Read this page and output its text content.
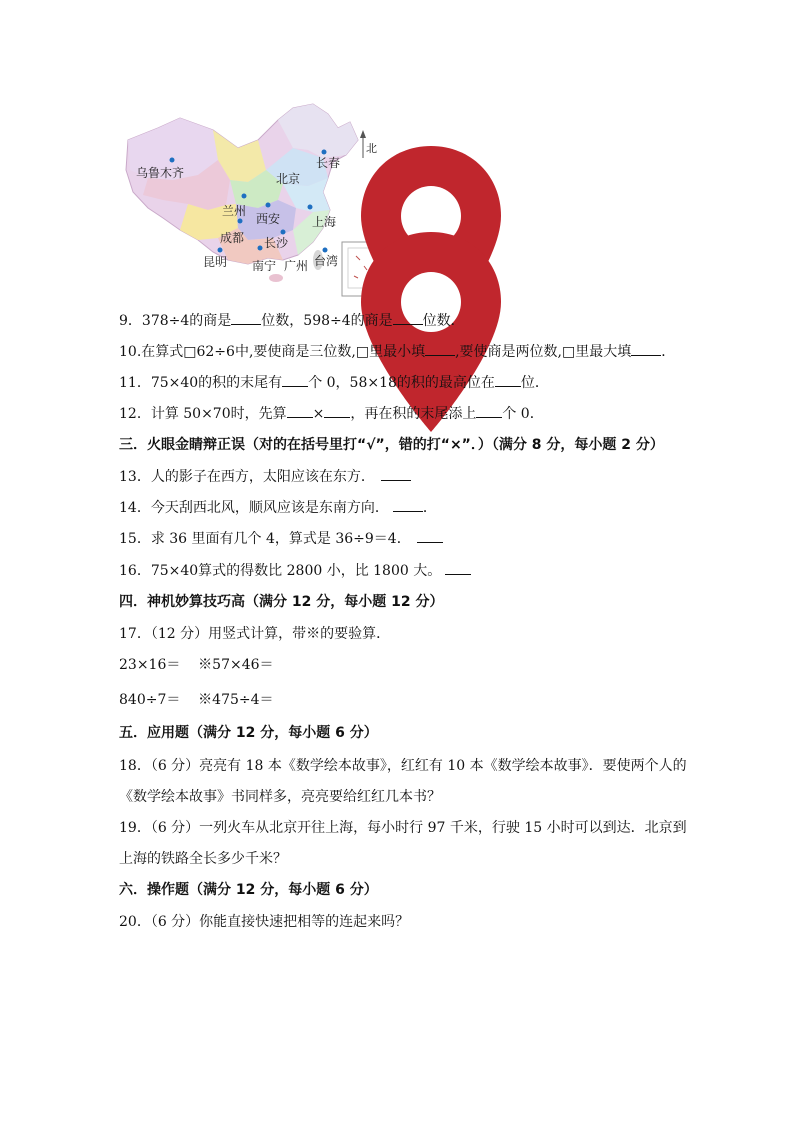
北
乌鲁木齐	北京
长春
兰州
西安	上海
成都 长沙
昆明 南宁 广州 台湾
9．378÷4的商是 位数，598÷4的商是 位数．
10.在算式□62÷6中,要使商是三位数,□里最小填 ,要使商是两位数,□里最大填 ．
11．75×40的积的末尾有 个 0，58×18的积的最高位在 位．
12．计算 50×70时，先算 × ，再在积的末尾添上 个 0．
三．火眼金睛辩正误（对的在括号里打“√”，错的打“×”．）（满分 8 分，每小题 2 分）
13．人的影子在西方，太阳应该在东方．
14．今天刮西北风，顺风应该是东南方向． ．
15．求 36 里面有几个 4，算式是 36÷9＝4．
16．75×40算式的得数比 2800 小，比 1800 大。
四．神机妙算技巧高（满分 12 分，每小题 12 分）
17．（12 分）用竖式计算，带※的要验算．
23×16＝    ※57×46＝
840÷7＝    ※475÷4＝
五．应用题（满分 12 分，每小题 6 分）
18．（6 分）亮亮有 18 本《数学绘本故事》，红红有 10 本《数学绘本故事》．要使两个人的
《数学绘本故事》书同样多，亮亮要给红红几本书？
19．（6 分）一列火车从北京开往上海，每小时行 97 千米，行驶 15 小时可以到达．北京到
上海的铁路全长多少千米？
六．操作题（满分 12 分，每小题 6 分）
20．（6 分）你能直接快速把相等的连起来吗？
